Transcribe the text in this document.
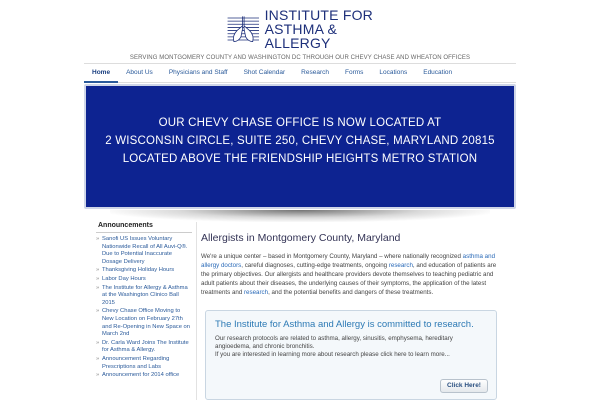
INSTITUTE FOR
ASTHMA & ALLERGY
SERVING MONTGOMERY COUNTY AND WASHINGTON DC THROUGH OUR CHEVY CHASE AND WHEATON OFFICES
Home	About Us	Physicians and Staff	Shot Calendar	Research	Forms	Locations	Education
OUR CHEVY CHASE OFFICE IS NOW LOCATED AT
2 WISCONSIN CIRCLE, SUITE 250, CHEVY CHASE, MARYLAND 20815
LOCATED ABOVE THE FRIENDSHIP HEIGHTS METRO STATION
Announcements
» Sanofi US Issues Voluntary Nationwide Recall of All Auvi-Q®. Due to Potential Inaccurate Dosage Delivery
» Thanksgiving Holiday Hours
» Labor Day Hours
» The Institute for Allergy & Asthma at the Washington Clinico Ball 2015
» Chevy Chase Office Moving to New Location on February 27th and Re-Opening in New Space on March 2nd
» Dr. Carla Ward Joins The Institute for Asthma & Allergy.
» Announcement Regarding Prescriptions and Labs
» Announcement for 2014 office
Allergists in Montgomery County, Maryland

We're a unique center – based in Montgomery County, Maryland – where nationally recognized asthma and allergy doctors, careful diagnoses, cutting-edge treatments, ongoing research, and education of patients are the primary objectives. Our allergists and healthcare providers devote themselves to teaching pediatric and adult patients about their diseases, the underlying causes of their symptoms, the application of the latest treatments and research, and the potential benefits and dangers of these treatments.

The Institute for Asthma and Allergy is committed to research.
Our research protocols are related to asthma, allergy, sinusitis, emphysema, hereditary angioedema, and chronic bronchitis.
If you are interested in learning more about research please click here to learn more...
Click Here!
